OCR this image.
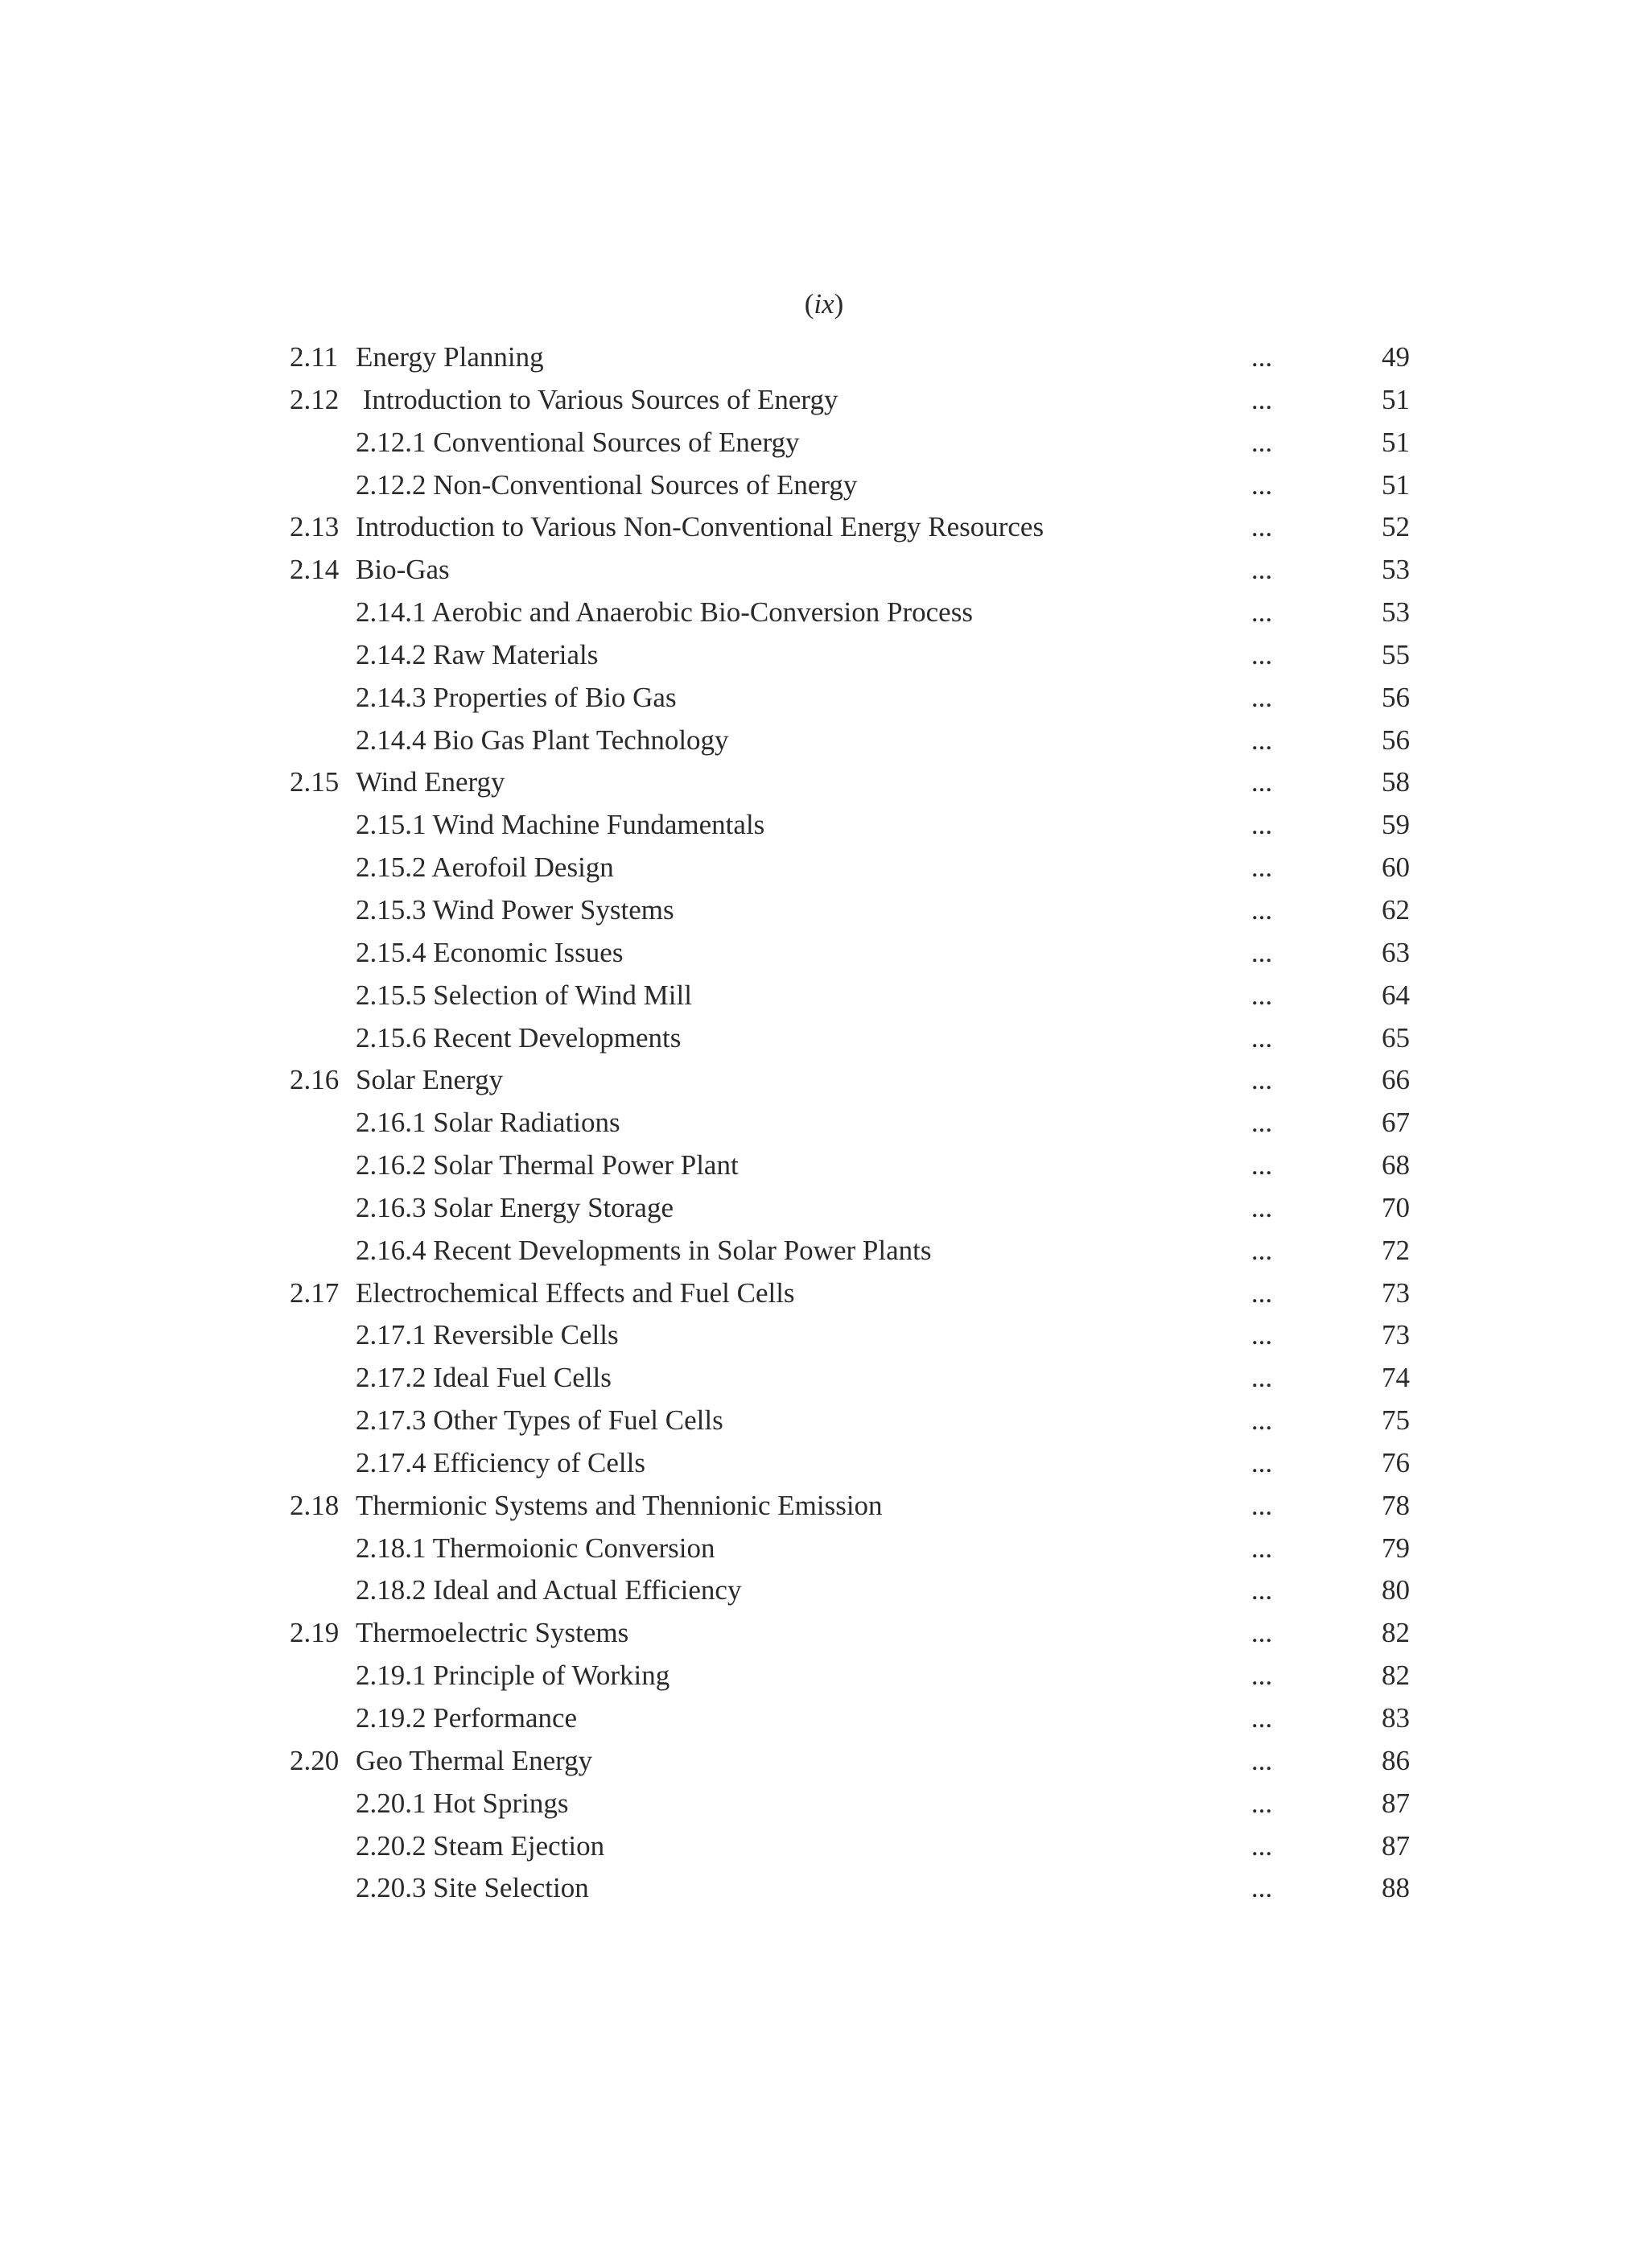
(ix)
2.11 Energy Planning	...	49
2.12 Introduction to Various Sources of Energy	...	51
2.12.1 Conventional Sources of Energy	...	51
2.12.2 Non-Conventional Sources of Energy	...	51
2.13 Introduction to Various Non-Conventional Energy Resources	...	52
2.14 Bio-Gas	...	53
2.14.1 Aerobic and Anaerobic Bio-Conversion Process	...	53
2.14.2 Raw Materials	...	55
2.14.3 Properties of Bio Gas	...	56
2.14.4 Bio Gas Plant Technology	...	56
2.15 Wind Energy	...	58
2.15.1 Wind Machine Fundamentals	...	59
2.15.2 Aerofoil Design	...	60
2.15.3 Wind Power Systems	...	62
2.15.4 Economic Issues	...	63
2.15.5 Selection of Wind Mill	...	64
2.15.6 Recent Developments	...	65
2.16 Solar Energy	...	66
2.16.1 Solar Radiations	...	67
2.16.2 Solar Thermal Power Plant	...	68
2.16.3 Solar Energy Storage	...	70
2.16.4 Recent Developments in Solar Power Plants	...	72
2.17 Electrochemical Effects and Fuel Cells	...	73
2.17.1 Reversible Cells	...	73
2.17.2 Ideal Fuel Cells	...	74
2.17.3 Other Types of Fuel Cells	...	75
2.17.4 Efficiency of Cells	...	76
2.18 Thermionic Systems and Thennionic Emission	...	78
2.18.1 Thermoionic Conversion	...	79
2.18.2 Ideal and Actual Efficiency	...	80
2.19 Thermoelectric Systems	...	82
2.19.1 Principle of Working	...	82
2.19.2 Performance	...	83
2.20 Geo Thermal Energy	...	86
2.20.1 Hot Springs	...	87
2.20.2 Steam Ejection	...	87
2.20.3 Site Selection	...	88
